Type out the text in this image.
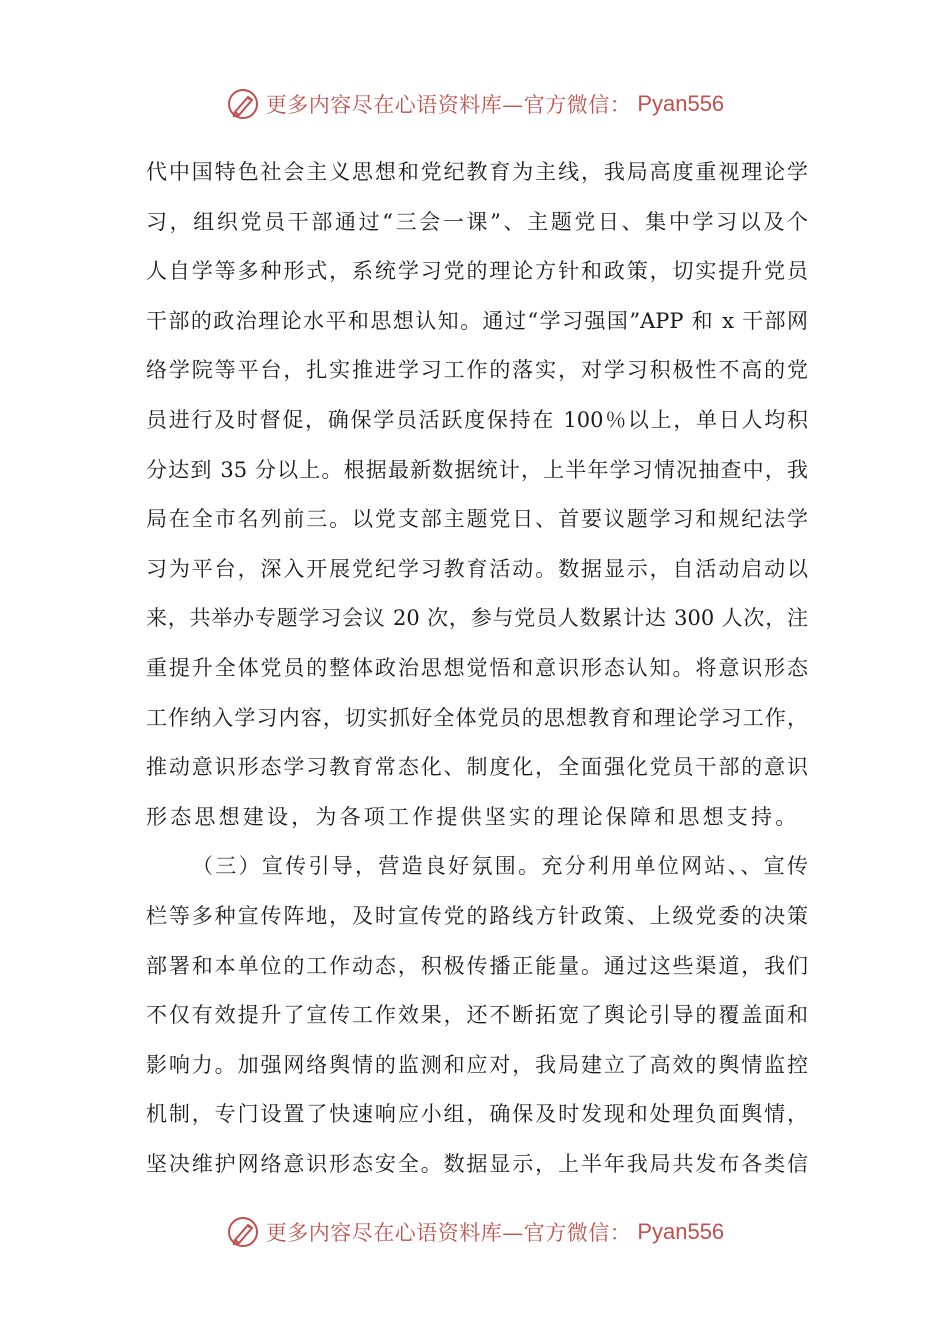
更多内容尽在心语资料库—官方微信： Pyan556
代中国特色社会主义思想和党纪教育为主线，我局高度重视理论学
习，组织党员干部通过“三会一课”、主题党日、集中学习以及个
人自学等多种形式，系统学习党的理论方针和政策，切实提升党员
干部的政治理论水平和思想认知。通过“学习强国”APP 和 x 干部网
络学院等平台，扎实推进学习工作的落实，对学习积极性不高的党
员进行及时督促，确保学员活跃度保持在 100％以上，单日人均积
分达到 35 分以上。根据最新数据统计，上半年学习情况抽查中，我
局在全市名列前三。以党支部主题党日、首要议题学习和规纪法学
习为平台，深入开展党纪学习教育活动。数据显示，自活动启动以
来，共举办专题学习会议 20 次，参与党员人数累计达 300 人次，注
重提升全体党员的整体政治思想觉悟和意识形态认知。将意识形态
工作纳入学习内容，切实抓好全体党员的思想教育和理论学习工作，
推动意识形态学习教育常态化、制度化，全面强化党员干部的意识
形态思想建设，为各项工作提供坚实的理论保障和思想支持。
（三）宣传引导，营造良好氛围。充分利用单位网站、、宣传
栏等多种宣传阵地，及时宣传党的路线方针政策、上级党委的决策
部署和本单位的工作动态，积极传播正能量。通过这些渠道，我们
不仅有效提升了宣传工作效果，还不断拓宽了舆论引导的覆盖面和
影响力。加强网络舆情的监测和应对，我局建立了高效的舆情监控
机制，专门设置了快速响应小组，确保及时发现和处理负面舆情，
坚决维护网络意识形态安全。数据显示，上半年我局共发布各类信
更多内容尽在心语资料库—官方微信： Pyan556
